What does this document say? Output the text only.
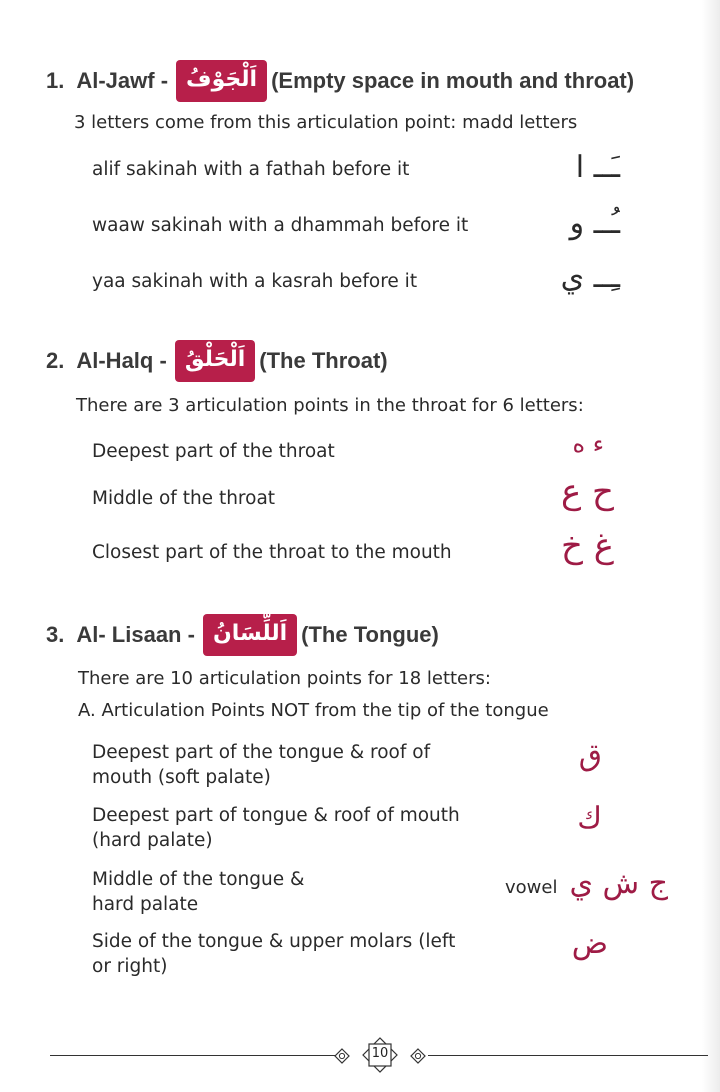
1. Al-Jawf - اَلْجَوْفُ (Empty space in mouth and throat)
3 letters come from this articulation point: madd letters
alif sakinah with a fathah before it	ـَــ ا
waaw sakinah with a dhammah before it	ـُــ و
yaa sakinah with a kasrah before it	ـِــ ي
2. Al-Halq - اَلْحَلْقُ (The Throat)
There are 3 articulation points in the throat for 6 letters:
Deepest part of the throat	ء ه
Middle of the throat	ح ع
Closest part of the throat to the mouth	غ خ
3. Al- Lisaan - اَللِّسَانُ (The Tongue)
There are 10 articulation points for 18 letters:
A. Articulation Points NOT from the tip of the tongue
Deepest part of the tongue & roof of
mouth (soft palate)
ق
Deepest part of tongue & roof of mouth
(hard palate)
ك
Middle of the tongue &
hard palate
vowel ج ش ي
Side of the tongue & upper molars (left
or right)
ض
10
